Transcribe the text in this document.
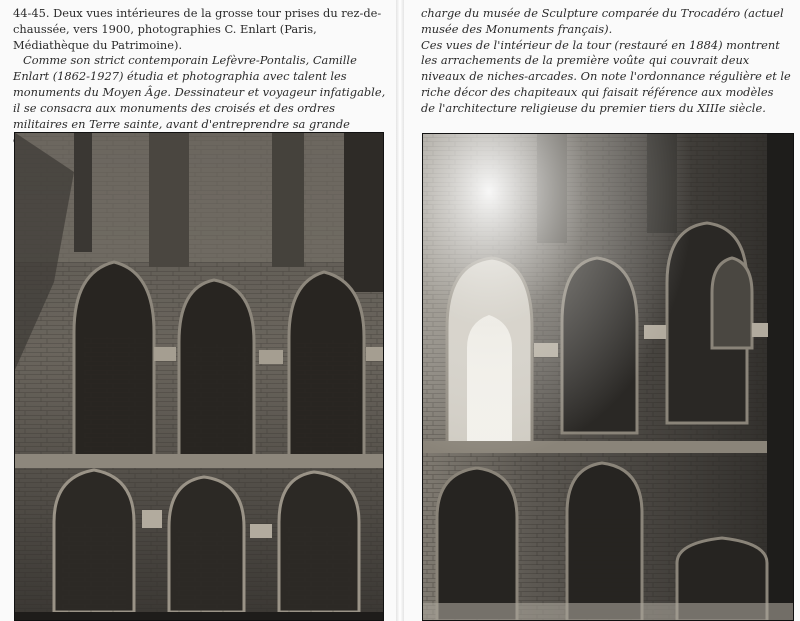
44-45. Deux vues intérieures de la grosse tour prises du rez-de-chaussée, vers 1900, photographies C. Enlart (Paris, Médiathèque du Patrimoine).

Comme son strict contemporain Lefèvre-Pontalis, Camille Enlart (1862-1927) étudia et photographia avec talent les monuments du Moyen Âge. Dessinateur et voyageur infatigable, il se consacra aux monuments des croisés et des ordres militaires en Terre sainte, avant d'entreprendre sa grande

charge du musée de Sculpture comparée du Trocadéro (actuel musée des Monuments français).

Ces vues de l'intérieur de la tour (restauré en 1884) montrent les arrachements de la première voûte qui couvrait deux niveaux de niches-arcades. On note l'ordonnance régulière et le riche décor des chapiteaux qui faisait référence aux modèles de l'architecture religieuse du premier tiers du XIIIe siècle.
